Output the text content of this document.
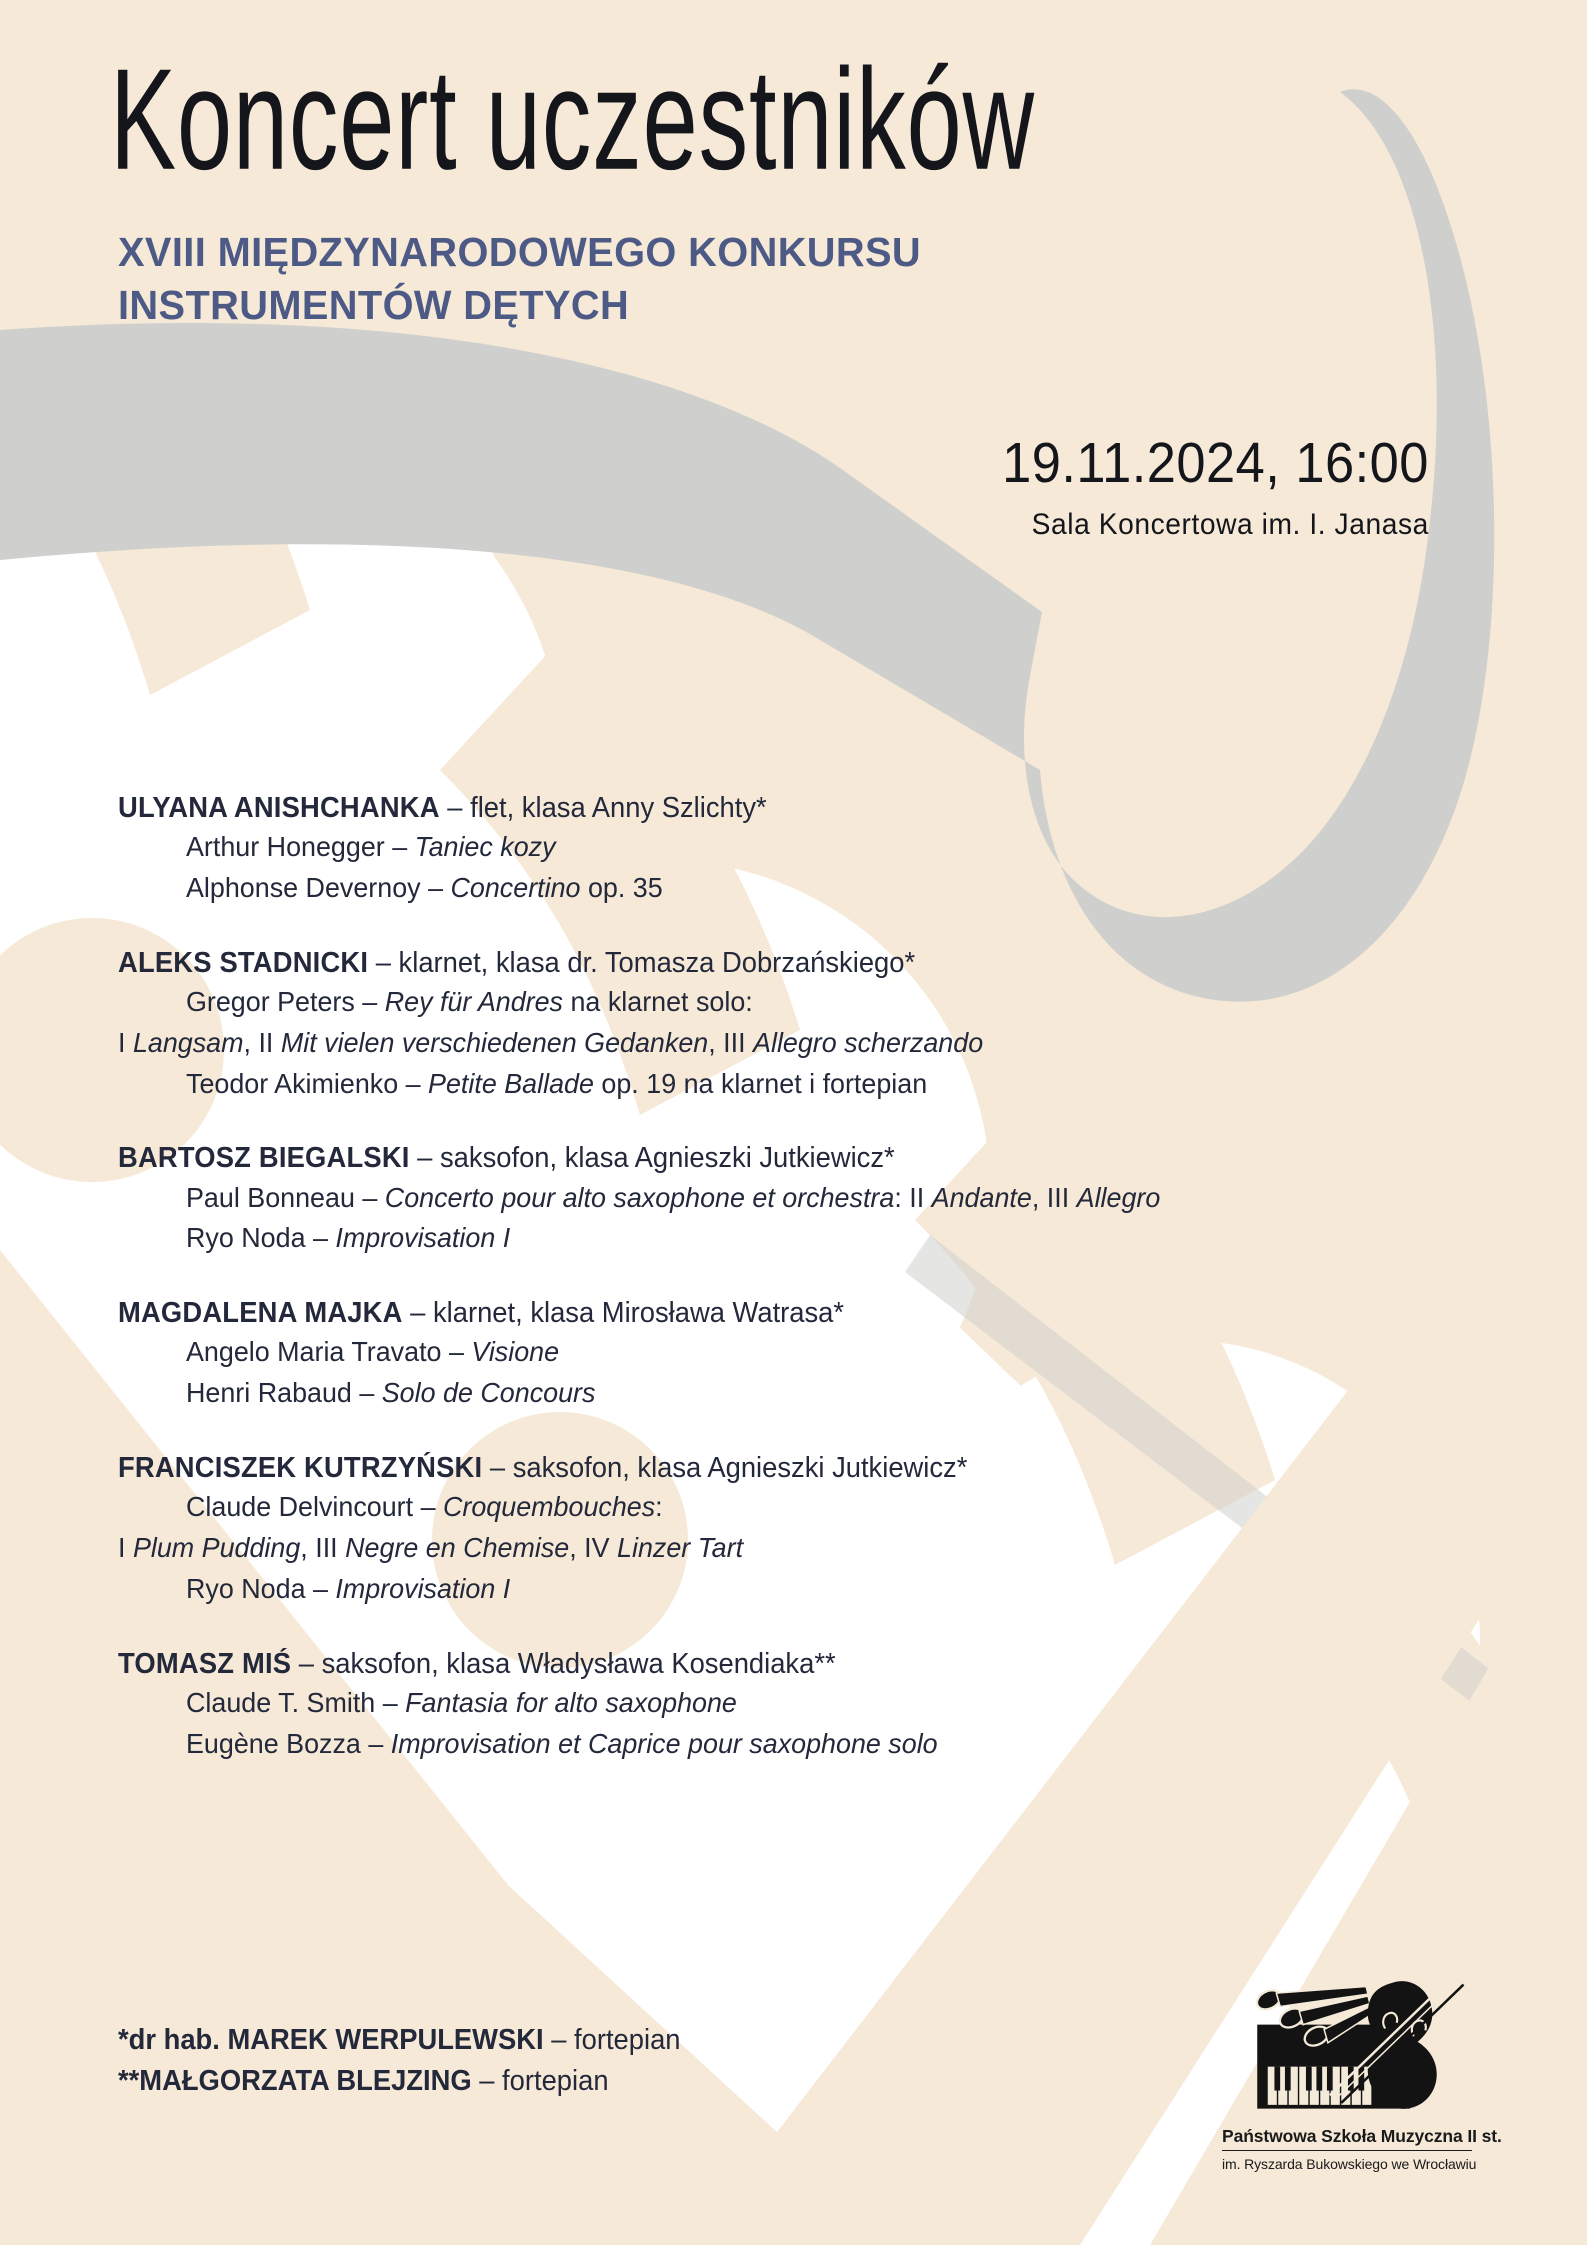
Koncert uczestników
XVIII MIĘDZYNARODOWEGO KONKURSU
INSTRUMENTÓW DĘTYCH
19.11.2024, 16:00
Sala Koncertowa im. I. Janasa
ULYANA ANISHCHANKA – flet, klasa Anny Szlichty*
Arthur Honegger – Taniec kozy
Alphonse Devernoy – Concertino op. 35
ALEKS STADNICKI – klarnet, klasa dr. Tomasza Dobrzańskiego*
Gregor Peters – Rey für Andres na klarnet solo:
I Langsam, II Mit vielen verschiedenen Gedanken, III Allegro scherzando
Teodor Akimienko – Petite Ballade op. 19 na klarnet i fortepian
BARTOSZ BIEGALSKI – saksofon, klasa Agnieszki Jutkiewicz*
Paul Bonneau – Concerto pour alto saxophone et orchestra: II Andante, III Allegro
Ryo Noda – Improvisation I
MAGDALENA MAJKA – klarnet, klasa Mirosława Watrasa*
Angelo Maria Travato – Visione
Henri Rabaud – Solo de Concours
FRANCISZEK KUTRZYŃSKI – saksofon, klasa Agnieszki Jutkiewicz*
Claude Delvincourt – Croquembouches:
I Plum Pudding, III Negre en Chemise, IV Linzer Tart
Ryo Noda – Improvisation I
TOMASZ MIŚ – saksofon, klasa Władysława Kosendiaka**
Claude T. Smith – Fantasia for alto saxophone
Eugène Bozza – Improvisation et Caprice pour saxophone solo
*dr hab. MAREK WERPULEWSKI – fortepian
**MAŁGORZATA BLEJZING – fortepian
Państwowa Szkoła Muzyczna II st.
im. Ryszarda Bukowskiego we Wrocławiu
